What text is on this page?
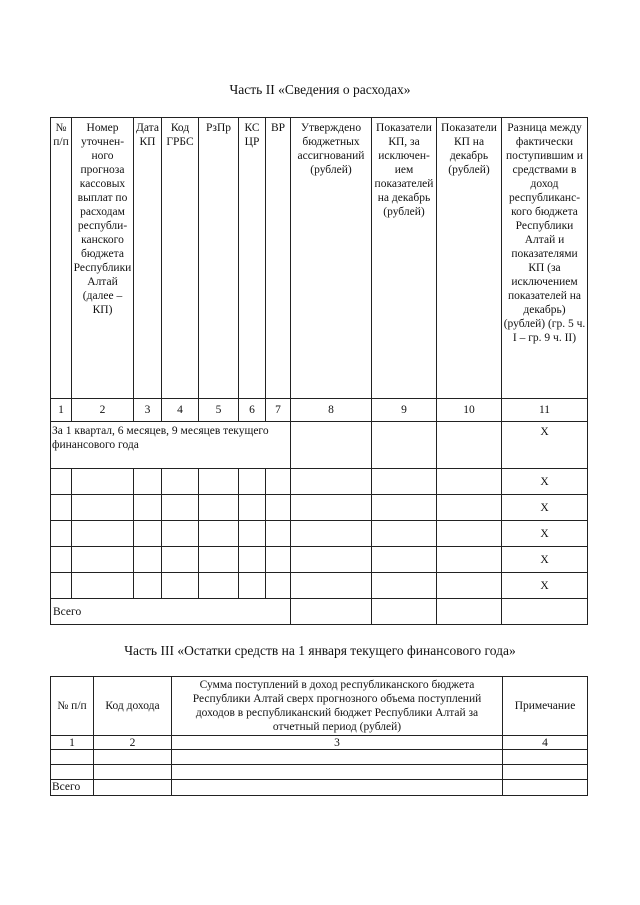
Часть II «Сведения о расходах»
№ п/п	Номер уточненного прогноза кассовых выплат по расходам республиканского бюджета Республики Алтай (далее – КП)	Дата КП	Код ГРБС	РзПр	КС ЦР	ВР	Утверждено бюджетных ассигнований (рублей)	Показатели КП, за исключением показателей на декабрь (рублей)	Показатели КП на декабрь (рублей)	Разница между фактически поступившим и средствами в доход республиканского бюджета Республики Алтай и показателями КП (за исключением показателей на декабрь) (рублей) (гр. 5 ч. I – гр. 9 ч. II)
1	2	3	4	5	6	7	8	9	10	11
За 1 квартал, 6 месяцев, 9 месяцев текущего финансового года										Х
										Х
										Х
										Х
										Х
										Х
Всего										
Часть III «Остатки средств на 1 января текущего финансового года»
№ п/п	Код дохода	Сумма поступлений в доход республиканского бюджета Республики Алтай сверх прогнозного объема поступлений доходов в республиканский бюджет Республики Алтай за отчетный период (рублей)	Примечание
1	2	3	4

Всего			
